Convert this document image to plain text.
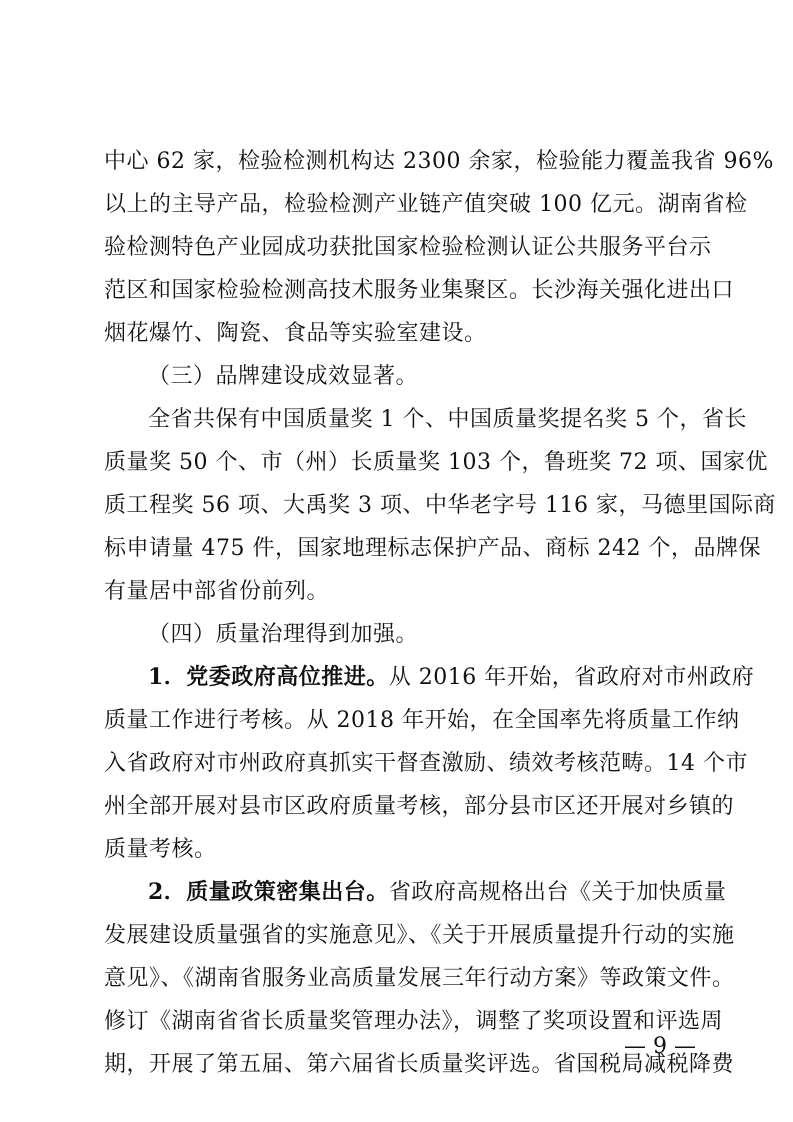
中心 62 家，检验检测机构达 2300 余家，检验能力覆盖我省 96%

以上的主导产品，检验检测产业链产值突破 100 亿元。湖南省检

验检测特色产业园成功获批国家检验检测认证公共服务平台示

范区和国家检验检测高技术服务业集聚区。长沙海关强化进出口

烟花爆竹、陶瓷、食品等实验室建设。

（三）品牌建设成效显著。

全省共保有中国质量奖 1 个、中国质量奖提名奖 5 个，省长

质量奖 50 个、市（州）长质量奖 103 个，鲁班奖 72 项、国家优

质工程奖 56 项、大禹奖 3 项、中华老字号 116 家，马德里国际商

标申请量 475 件，国家地理标志保护产品、商标 242 个，品牌保

有量居中部省份前列。

（四）质量治理得到加强。

1．党委政府高位推进。从 2016 年开始，省政府对市州政府

质量工作进行考核。从 2018 年开始，在全国率先将质量工作纳

入省政府对市州政府真抓实干督查激励、绩效考核范畴。14 个市

州全部开展对县市区政府质量考核，部分县市区还开展对乡镇的

质量考核。

2．质量政策密集出台。省政府高规格出台《关于加快质量

发展建设质量强省的实施意见》、《关于开展质量提升行动的实施

意见》、《湖南省服务业高质量发展三年行动方案》等政策文件。

修订《湖南省省长质量奖管理办法》，调整了奖项设置和评选周

期，开展了第五届、第六届省长质量奖评选。省国税局减税降费

— 9 —
